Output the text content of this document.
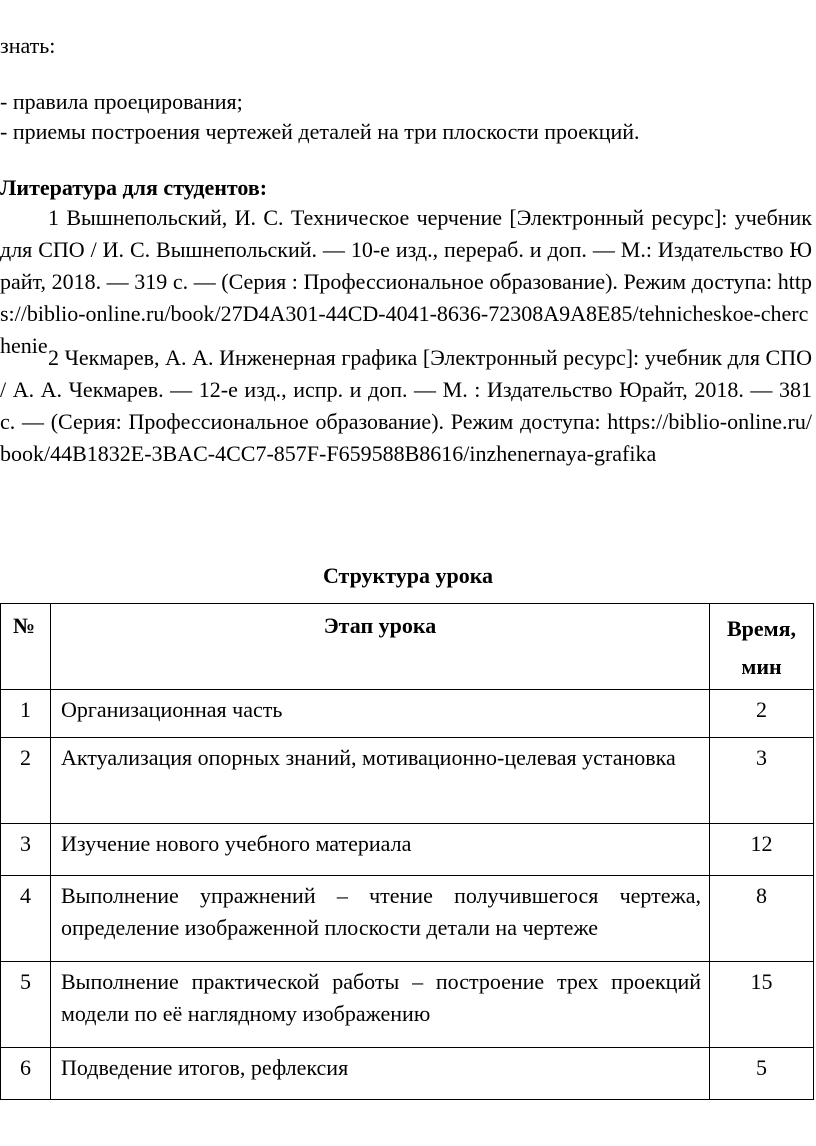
знать:

- правила проецирования;

- приемы построения чертежей деталей на три плоскости проекций.

Литература для студентов:

1 Вышнепольский, И. С. Техническое черчение [Электронный ресурс]: учебник для СПО / И. С. Вышнепольский. — 10-е изд., перераб. и доп. — М.: Издательство Юрайт, 2018. — 319 с. — (Серия : Профессиональное образование). Режим доступа: https://biblio-online.ru/book/27D4A301-44CD-4041-8636-72308A9A8E85/tehnicheskoe-cherchenie 2 Чекмарев, А. А. Инженерная графика [Электронный ресурс]: учебник для СПО / А. А. Чекмарев. — 12-е изд., испр. и доп. — М. : Издательство Юрайт, 2018. — 381 с. — (Серия: Профессиональное образование). Режим доступа: https://biblio-online.ru/book/44B1832E-3BAC-4CC7-857F-F659588B8616/inzhenernaya-grafika

Структура урока

№	Этап урока	Время, мин
1	Организационная часть	2
2	Актуализация опорных знаний, мотивационно-целевая установка	3
3	Изучение нового учебного материала	12
4	Выполнение упражнений – чтение получившегося чертежа, определение изображенной плоскости детали на чертеже	8
5	Выполнение практической работы – построение трех проекций модели по её наглядному изображению	15
6	Подведение итогов, рефлексия	5
